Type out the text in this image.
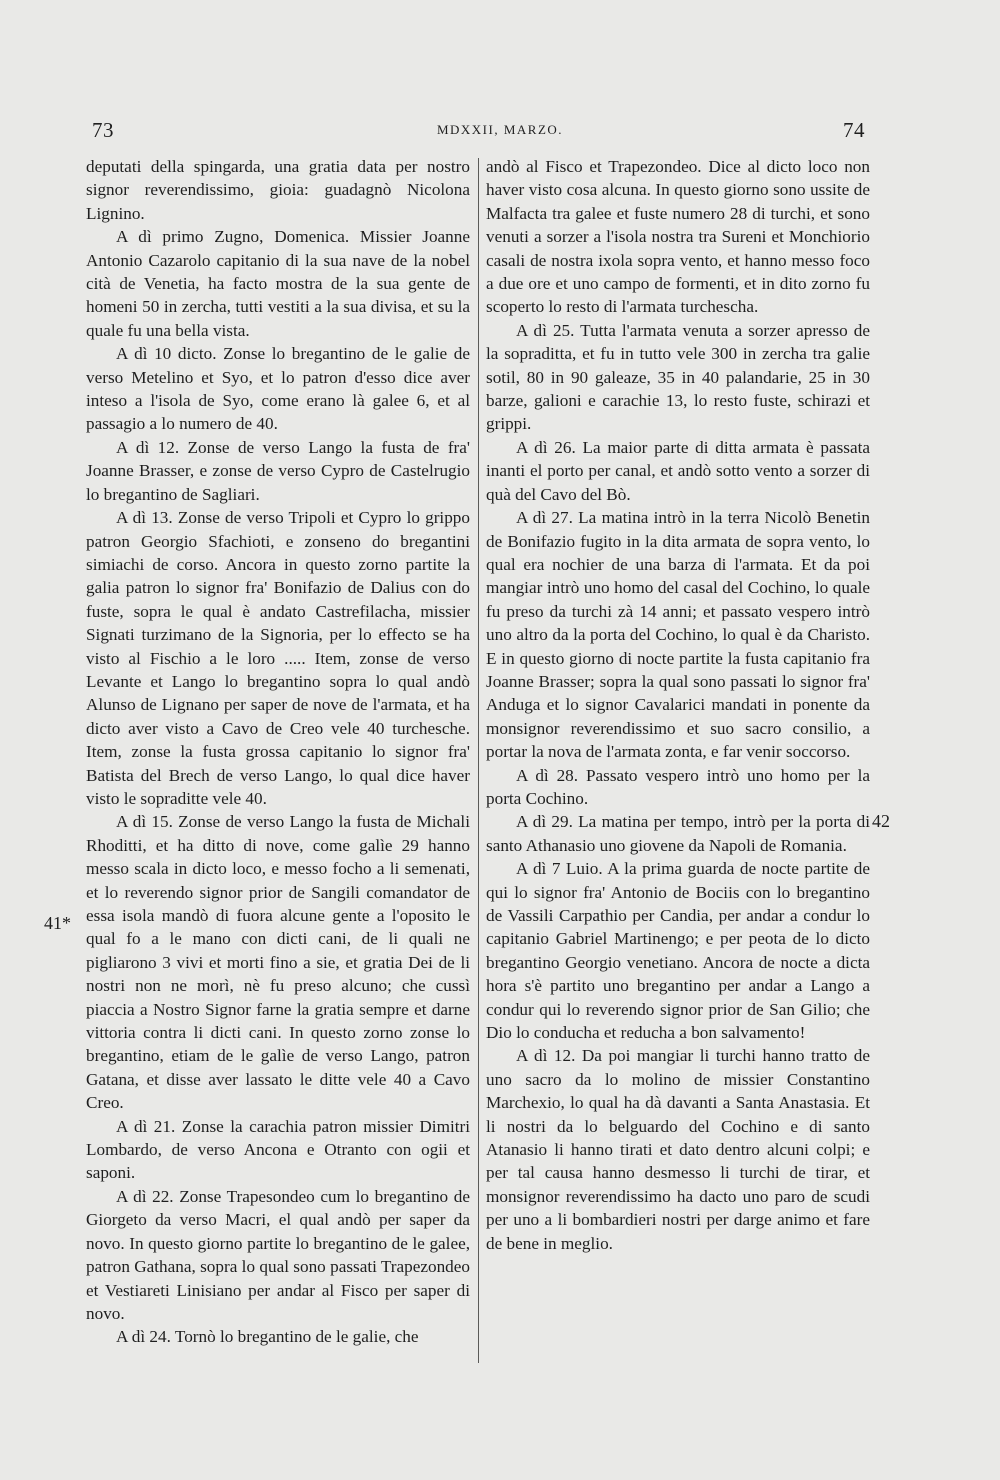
73	MDXXII, MARZO.	74

deputati della spingarda, una gratia data per nostro signor reverendissimo, gioia: guadagnò Nicolona Lignino.

A dì primo Zugno, Domenica. Missier Joanne Antonio Cazarolo capitanio di la sua nave de la nobel cità de Venetia, ha facto mostra de la sua gente de homeni 50 in zercha, tutti vestiti a la sua divisa, et su la quale fu una bella vista.

A dì 10 dicto. Zonse lo bregantino de le galie de verso Metelino et Syo, et lo patron d'esso dice aver inteso a l'isola de Syo, come erano là galee 6, et al passagio a lo numero de 40.

A dì 12. Zonse de verso Lango la fusta de fra' Joanne Brasser, e zonse de verso Cypro de Castelrugio lo bregantino de Sagliari.

A dì 13. Zonse de verso Tripoli et Cypro lo grippo patron Georgio Sfachioti, e zonseno do bregantini simiachi de corso. Ancora in questo zorno partite la galia patron lo signor fra' Bonifazio de Dalius con do fuste, sopra le qual è andato Castrefilacha, missier Signati turzimano de la Signoria, per lo effecto se ha visto al Fischio a le loro ..... Item, zonse de verso Levante et Lango lo bregantino sopra lo qual andò Alunso de Lignano per saper de nove de l'armata, et ha dicto aver visto a Cavo de Creo vele 40 turchesche. Item, zonse la fusta grossa capitanio lo signor fra' Batista del Brech de verso Lango, lo qual dice haver visto le sopraditte vele 40.

A dì 15. Zonse de verso Lango la fusta de Michali Rhoditti, et ha ditto di nove, come galìe 29 hanno messo scala in dicto loco, e messo focho a li semenati, et lo reverendo signor prior de Sangili comandator de essa isola mandò di fuora alcune gente a l'oposito le qual fo a le mano con dicti cani, de li quali ne pigliarono 3 vivi et morti fino a sie, et gratia Dei de li nostri non ne morì, nè fu preso alcuno; che cussì piaccia a Nostro Signor farne la gratia sempre et darne vittoria contra li dicti cani. In questo zorno zonse lo bregantino, etiam de le galìe de verso Lango, patron Gatana, et disse aver lassato le ditte vele 40 a Cavo Creo.

A dì 21. Zonse la carachia patron missier Dimitri Lombardo, de verso Ancona e Otranto con ogii et saponi.

A dì 22. Zonse Trapesondeo cum lo bregantino de Giorgeto da verso Macri, el qual andò per saper da novo. In questo giorno partite lo bregantino de le galee, patron Gathana, sopra lo qual sono passati Trapezondeo et Vestiareti Linisiano per andar al Fisco per saper di novo.

A dì 24. Tornò lo bregantino de le galie, che

andò al Fisco et Trapezondeo. Dice al dicto loco non haver visto cosa alcuna. In questo giorno sono ussite de Malfacta tra galee et fuste numero 28 di turchi, et sono venuti a sorzer a l'isola nostra tra Sureni et Monchiorio casali de nostra ixola sopra vento, et hanno messo foco a due ore et uno campo de formenti, et in dito zorno fu scoperto lo resto di l'armata turchescha.

A dì 25. Tutta l'armata venuta a sorzer apresso de la sopraditta, et fu in tutto vele 300 in zercha tra galie sotil, 80 in 90 galeaze, 35 in 40 palandarie, 25 in 30 barze, galioni e carachie 13, lo resto fuste, schirazi et grippi.

A dì 26. La maior parte di ditta armata è passata inanti el porto per canal, et andò sotto vento a sorzer di quà del Cavo del Bò.

A dì 27. La matina intrò in la terra Nicolò Benetin de Bonifazio fugito in la dita armata de sopra vento, lo qual era nochier de una barza di l'armata. Et da poi mangiar intrò uno homo del casal del Cochino, lo quale fu preso da turchi zà 14 anni; et passato vespero intrò uno altro da la porta del Cochino, lo qual è da Charisto. E in questo giorno di nocte partite la fusta capitanio fra Joanne Brasser; sopra la qual sono passati lo signor fra' Anduga et lo signor Cavalarici mandati in ponente da monsignor reverendissimo et suo sacro consilio, a portar la nova de l'armata zonta, e far venir soccorso.

A dì 28. Passato vespero intrò uno homo per la porta Cochino.

A dì 29. La matina per tempo, intrò per la porta di santo Athanasio uno giovene da Napoli de Romania.

A dì 7 Luio. A la prima guarda de nocte partite de qui lo signor fra' Antonio de Bociis con lo bregantino de Vassili Carpathio per Candia, per andar a condur lo capitanio Gabriel Martinengo; e per peota de lo dicto bregantino Georgio venetiano. Ancora de nocte a dicta hora s'è partito uno bregantino per andar a Lango a condur qui lo reverendo signor prior de San Gilio; che Dio lo conducha et reducha a bon salvamento!

A dì 12. Da poi mangiar li turchi hanno tratto de uno sacro da lo molino de missier Constantino Marchexio, lo qual ha dà davanti a Santa Anastasia. Et li nostri da lo belguardo del Cochino e di santo Atanasio li hanno tirati et dato dentro alcuni colpi; e per tal causa hanno desmesso li turchi de tirar, et monsignor reverendissimo ha dacto uno paro de scudi per uno a li bombardieri nostri per darge animo et fare de bene in meglio.

41*
42
